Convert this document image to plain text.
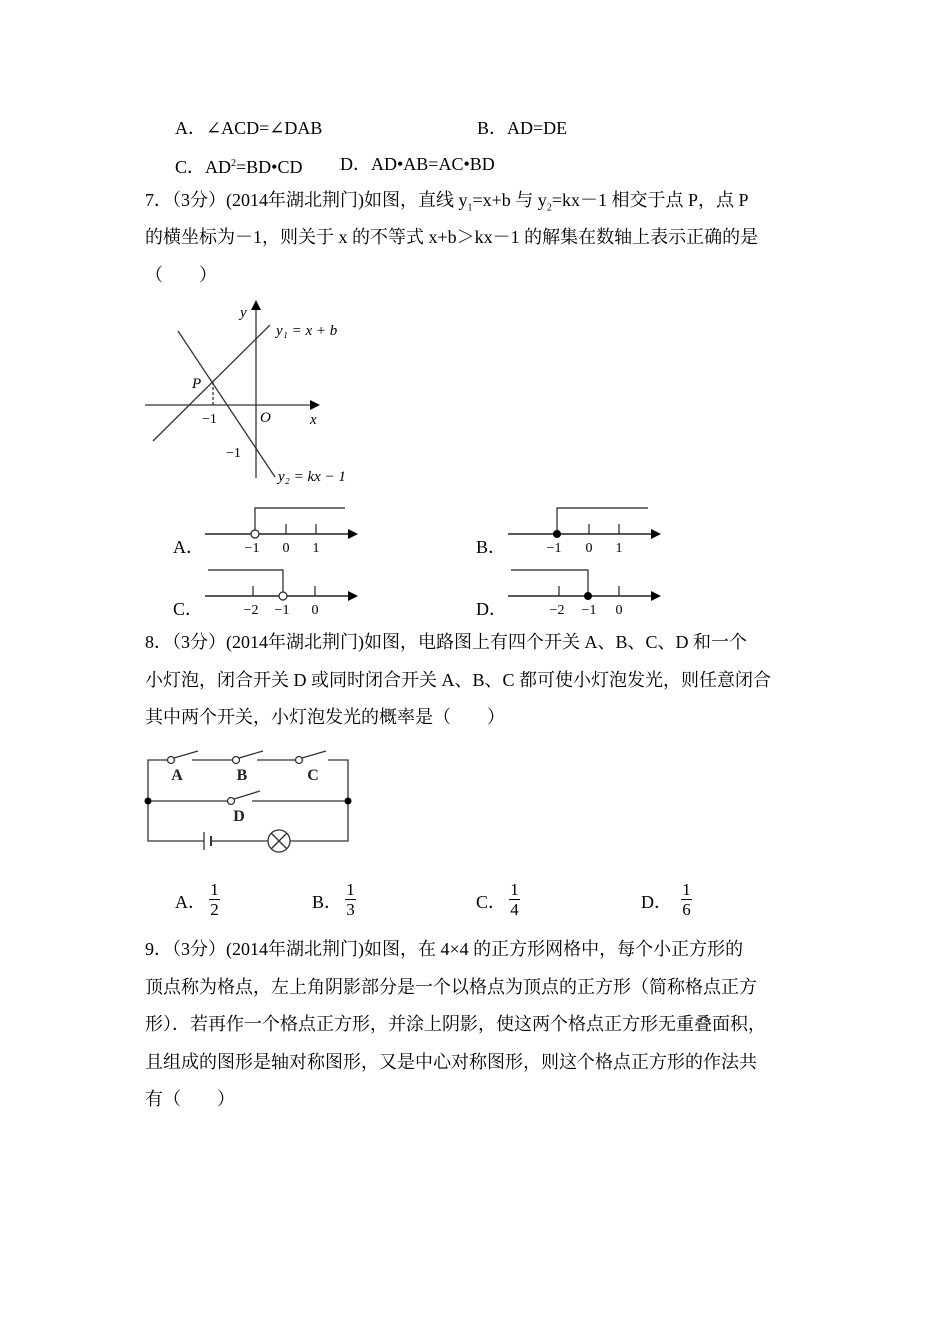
A．∠ACD=∠DAB	B．AD=DE
C．$AD^2=BD•CD$ D．AD•AB=AC•BD
7．（3分）(2014年湖北荆门)如图，直线 $y_1=x+b$ 与 $y_2=kx-1$ 相交于点 P，点 P
的横坐标为－1，则关于 x 的不等式 x+b＞kx－1 的解集在数轴上表示正确的是
（　　）
y
x
O
P
y₁ = x + b
y₂ = kx − 1
−1
−1
A．	−1 0 1	B．	−1 0 1
C．	−2 −1 0	D．	−2 −1 0
8．（3分）(2014年湖北荆门)如图，电路图上有四个开关 A、B、C、D 和一个
小灯泡，闭合开关 D 或同时闭合开关 A、B、C 都可使小灯泡发光，则任意闭合
其中两个开关，小灯泡发光的概率是（　　）
A	B	C
D
A．
1
2	B．
1
3	C．
1
4	D．
1
6
9．（3分）(2014年湖北荆门)如图，在 4×4 的正方形网格中，每个小正方形的
顶点称为格点，左上角阴影部分是一个以格点为顶点的正方形（简称格点正方
形）．若再作一个格点正方形，并涂上阴影，使这两个格点正方形无重叠面积，
且组成的图形是轴对称图形，又是中心对称图形，则这个格点正方形的作法共
有（　　）
